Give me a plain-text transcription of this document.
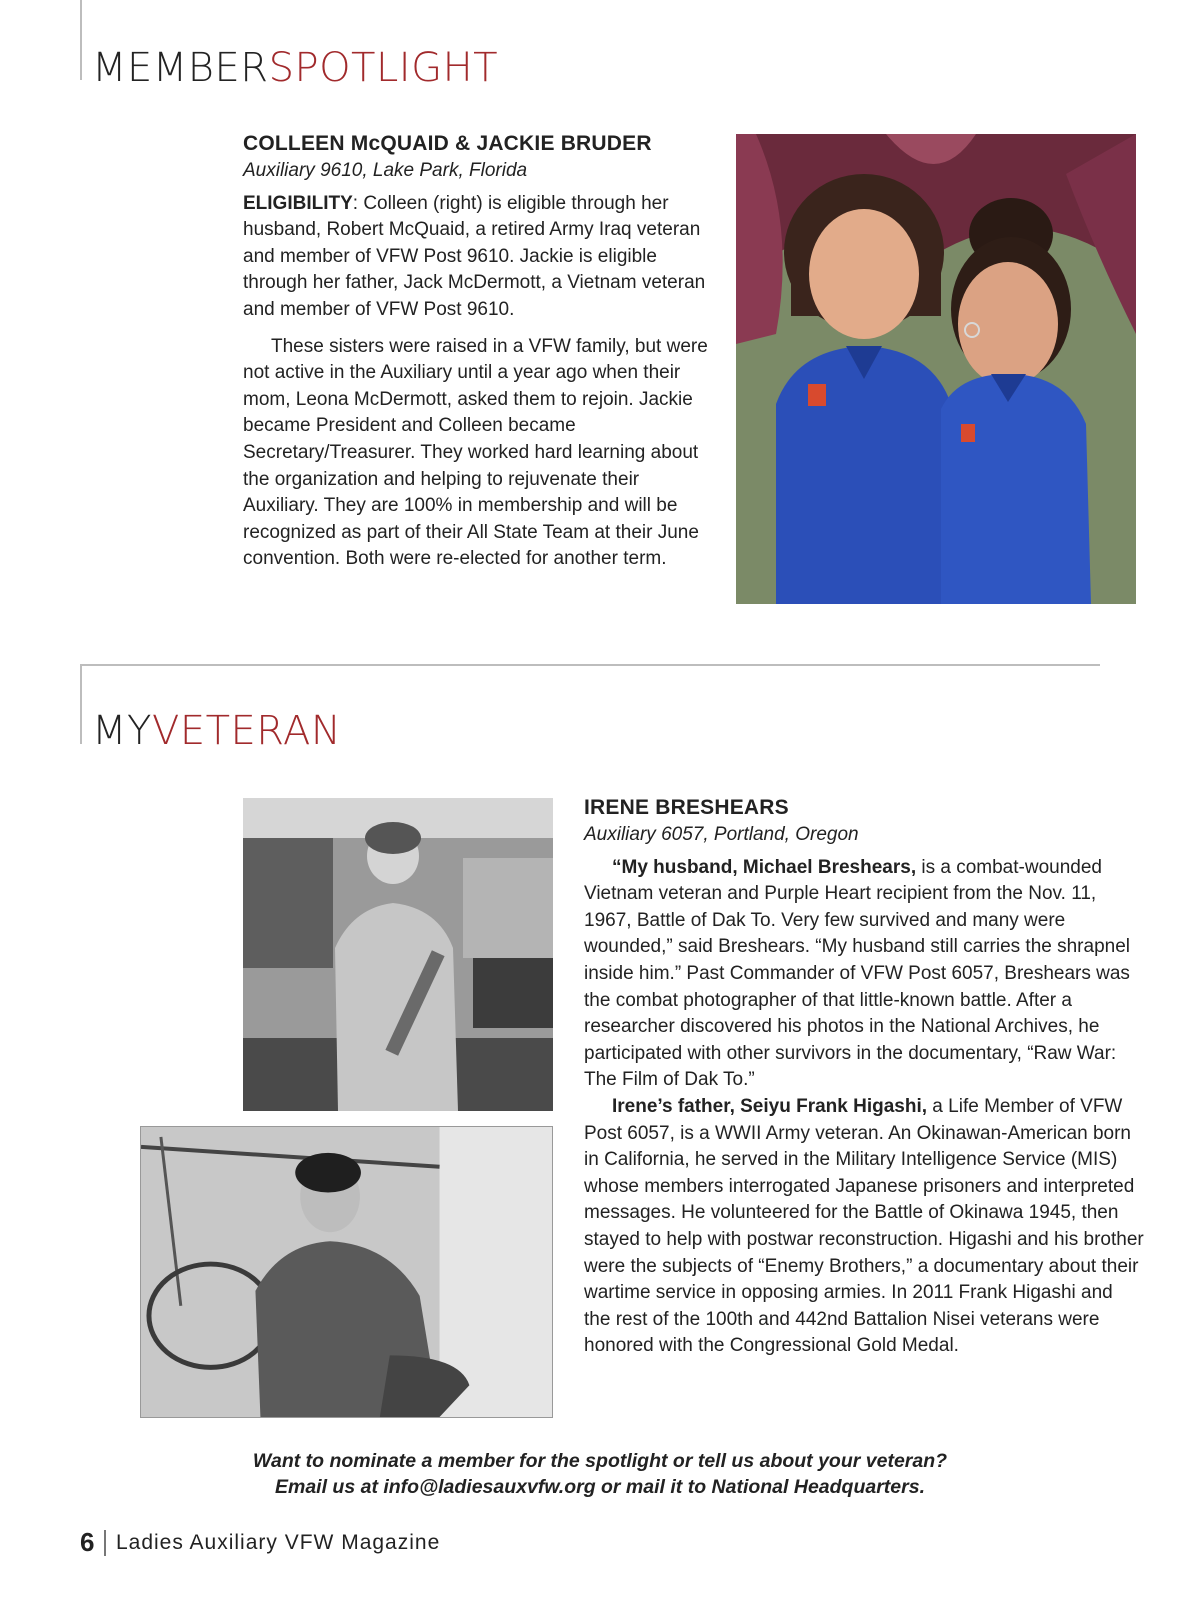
MEMBERSPOTLIGHT

COLLEEN McQUAID & JACKIE BRUDER

Auxiliary 9610, Lake Park, Florida

ELIGIBILITY: Colleen (right) is eligible through her husband, Robert McQuaid, a retired Army Iraq veteran and member of VFW Post 9610. Jackie is eligible through her father, Jack McDermott, a Vietnam veteran and member of VFW Post 9610.

These sisters were raised in a VFW family, but were not active in the Auxiliary until a year ago when their mom, Leona McDermott, asked them to rejoin. Jackie became President and Colleen became Secretary/Treasurer. They worked hard learning about the organization and helping to rejuvenate their Auxiliary. They are 100% in membership and will be recognized as part of their All State Team at their June convention. Both were re-elected for another term.

MYVETERAN

IRENE BRESHEARS

Auxiliary 6057, Portland, Oregon

“My husband, Michael Breshears, is a combat-wounded Vietnam veteran and Purple Heart recipient from the Nov. 11, 1967, Battle of Dak To. Very few survived and many were wounded,” said Breshears. “My husband still carries the shrapnel inside him.” Past Commander of VFW Post 6057, Breshears was the combat photographer of that little-known battle. After a researcher discovered his photos in the National Archives, he participated with other survivors in the documentary, “Raw War: The Film of Dak To.”

Irene’s father, Seiyu Frank Higashi, a Life Member of VFW Post 6057, is a WWII Army veteran. An Okinawan-American born in California, he served in the Military Intelligence Service (MIS) whose members interrogated Japanese prisoners and interpreted messages. He volunteered for the Battle of Okinawa 1945, then stayed to help with postwar reconstruction. Higashi and his brother were the subjects of “Enemy Brothers,” a documentary about their wartime service in opposing armies. In 2011 Frank Higashi and the rest of the 100th and 442nd Battalion Nisei veterans were honored with the Congressional Gold Medal.

Want to nominate a member for the spotlight or tell us about your veteran?
Email us at info@ladiesauxvfw.org or mail it to National Headquarters.
6 Ladies Auxiliary VFW Magazine
